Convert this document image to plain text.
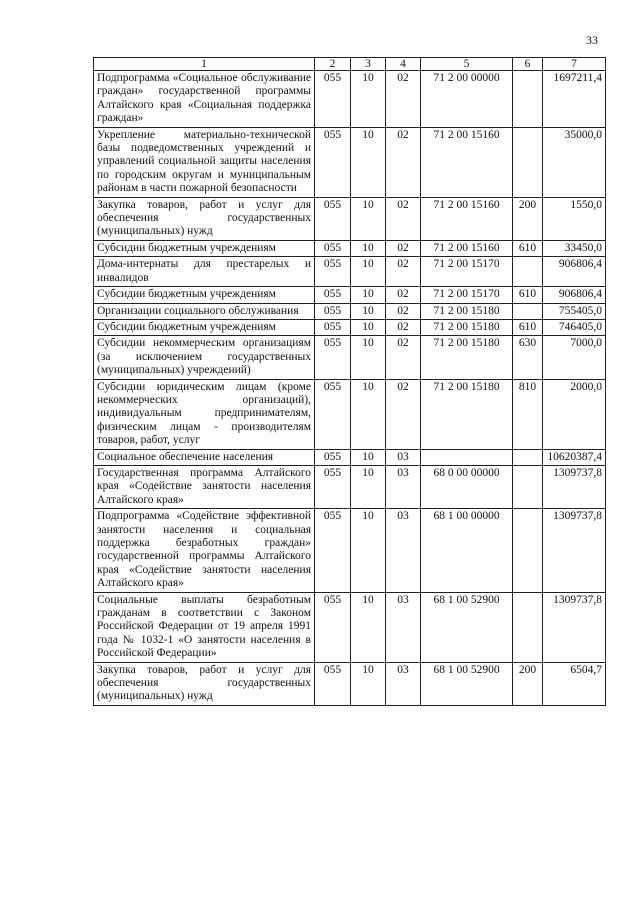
33
1	2	3	4	5	6	7
Подпрограмма «Социальное обслуживание граждан» государственной программы Алтайского края «Социальная поддержка граждан»	055	10	02	71 2 00 00000		1697211,4
Укрепление материально-технической базы подведомственных учреждений и управлений социальной защиты населения по городским округам и муниципальным районам в части пожарной безопасности	055	10	02	71 2 00 15160		35000,0
Закупка товаров, работ и услуг для обеспечения государственных (муниципальных) нужд	055	10	02	71 2 00 15160	200	1550,0
Субсидии бюджетным учреждениям	055	10	02	71 2 00 15160	610	33450,0
Дома-интернаты для престарелых и инвалидов	055	10	02	71 2 00 15170		906806,4
Субсидии бюджетным учреждениям	055	10	02	71 2 00 15170	610	906806,4
Организации социального обслуживания	055	10	02	71 2 00 15180		755405,0
Субсидии бюджетным учреждениям	055	10	02	71 2 00 15180	610	746405,0
Субсидии некоммерческим организациям (за исключением государственных (муниципальных) учреждений)	055	10	02	71 2 00 15180	630	7000,0
Субсидии юридическим лицам (кроме некоммерческих организаций), индивидуальным предпринимателям, физическим лицам - производителям товаров, работ, услуг	055	10	02	71 2 00 15180	810	2000,0
Социальное обеспечение населения	055	10	03			10620387,4
Государственная программа Алтайского края «Содействие занятости населения Алтайского края»	055	10	03	68 0 00 00000		1309737,8
Подпрограмма «Содействие эффективной занятости населения и социальная поддержка безработных граждан» государственной программы Алтайского края «Содействие занятости населения Алтайского края»	055	10	03	68 1 00 00000		1309737,8
Социальные выплаты безработным гражданам в соответствии с Законом Российской Федерации от 19 апреля 1991 года № 1032-1 «О занятости населения в Российской Федерации»	055	10	03	68 1 00 52900		1309737,8
Закупка товаров, работ и услуг для обеспечения государственных (муниципальных) нужд	055	10	03	68 1 00 52900	200	6504,7
